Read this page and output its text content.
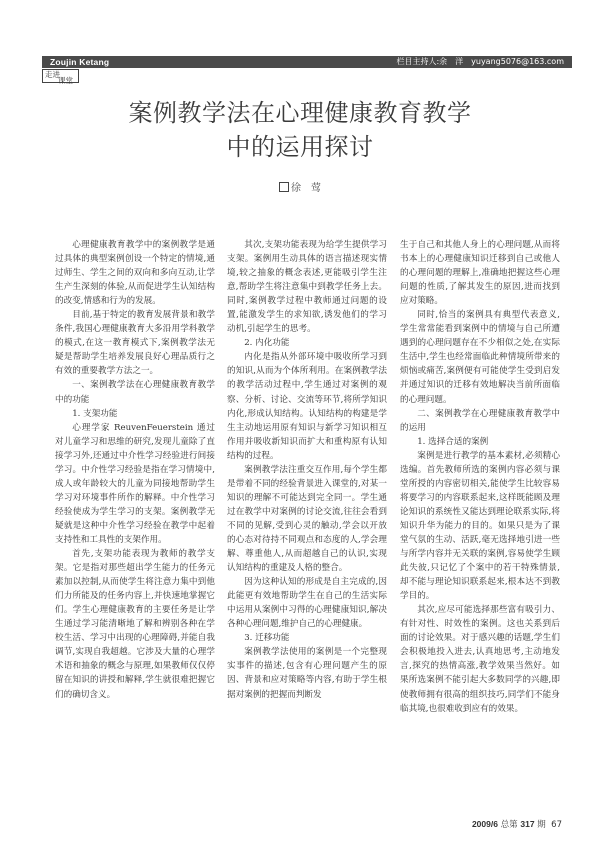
Zoujin Ketang	栏目主持人:余　洋　yuyang5076@163.com
走进
课堂
案例教学法在心理健康教育教学
中的运用探讨
徐　莺

心理健康教育教学中的案例教学是通过具体的典型案例创设一个特定的情境,通过师生、学生之间的双向和多向互动,让学生产生深刻的体验,从而促进学生认知结构的改变,情感和行为的发展。

目前,基于特定的教育发展背景和教学条件,我国心理健康教育大多沿用学科教学的模式,在这一教育模式下,案例教学法无疑是帮助学生培养发展良好心理品质行之有效的重要教学方法之一。

一、案例教学法在心理健康教育教学中的功能

1. 支架功能

心理学家 ReuvenFeuerstein 通过对儿童学习和思维的研究,发现儿童除了直接学习外,还通过中介性学习经验进行间接学习。中介性学习经验是指在学习情境中,成人或年龄较大的儿童为同接地帮助学生学习对环境事件所作的解释。中介性学习经验使成为学生学习的支架。案例教学无疑就是这种中介性学习经验在教学中起着支持性和工具性的支架作用。

首先,支架功能表现为教师的教学支架。它是指对那些超出学生能力的任务元素加以控制,从而使学生将注意力集中到他们力所能及的任务内容上,并快速地掌握它们。学生心理健康教育的主要任务是让学生通过学习能清晰地了解和辨别各种在学校生活、学习中出现的心理障碍,并能自我调节,实现自我超越。它涉及大量的心理学术语和抽象的概念与原理,如果教师仅仅停留在知识的讲授和解释,学生就很难把握它们的确切含义。

其次,支架功能表现为给学生提供学习支架。案例用生动具体的语言描述现实情境,较之抽象的概念表述,更能吸引学生注意,帮助学生将注意集中到教学任务上去。同时,案例教学过程中教师通过问题的设置,能激发学生的求知欲,诱发他们的学习动机,引起学生的思考。

2. 内化功能

内化是指从外部环境中吸收所学习到的知识,从而为个体所利用。在案例教学法的教学活动过程中,学生通过对案例的观察、分析、讨论、交流等环节,将所学知识内化,形成认知结构。认知结构的构建是学生主动地运用原有知识与新学习知识相互作用并吸收新知识而扩大和重构原有认知结构的过程。

案例教学法注重交互作用,每个学生都是带着不同的经验背景进入课堂的,对某一知识的理解不可能达到完全同一。学生通过在教学中对案例的讨论交流,往往会看到不同的见解,受到心灵的触动,学会以开放的心态对待持不同观点和态度的人,学会理解、尊重他人,从而超越自己的认识,实现认知结构的重建及人格的整合。

因为这种认知的形成是自主完成的,因此能更有效地帮助学生在自己的生活实际中运用从案例中习得的心理健康知识,解决各种心理问题,维护自己的心理健康。

3. 迁移功能

案例教学法使用的案例是一个完整现实事件的描述,包含有心理问题产生的原因、背景和应对策略等内容,有助于学生根据对案例的把握而判断发

生于自己和其他人身上的心理问题,从而将书本上的心理健康知识迁移到自己或他人的心理问题的理解上,准确地把握这些心理问题的性质,了解其发生的原因,进而找到应对策略。

同时,恰当的案例具有典型代表意义,学生常常能看到案例中的情境与自己所遭遇到的心理问题存在不少相似之处,在实际生活中,学生也经常面临此种情境所带来的烦恼或痛苦,案例便有可能使学生受到启发并通过知识的迁移有效地解决当前所面临的心理问题。

二、案例教学在心理健康教育教学中的运用

1. 选择合适的案例

案例是进行教学的基本素材,必须精心选编。首先教师所选的案例内容必须与课堂所授的内容密切相关,能使学生比较容易将要学习的内容联系起来,这样既能顾及理论知识的系统性又能达到理论联系实际,将知识升华为能力的目的。如果只是为了课堂气氛的生动、活跃,毫无选择地引进一些与所学内容并无关联的案例,容易使学生顾此失彼,只记忆了个案中的若干特殊情景,却不能与理论知识联系起来,根本达不到教学目的。

其次,应尽可能选择那些富有吸引力、有针对性、时效性的案例。这也关系到后面的讨论效果。对于感兴趣的话题,学生们会积极地投入进去,认真地思考,主动地发言,探究的热情高涨,教学效果当然好。如果所选案例不能引起大多数同学的兴趣,即使教师拥有很高的组织技巧,同学们不能身临其境,也很难收到应有的效果。

2009/6 总第 317 期 67
